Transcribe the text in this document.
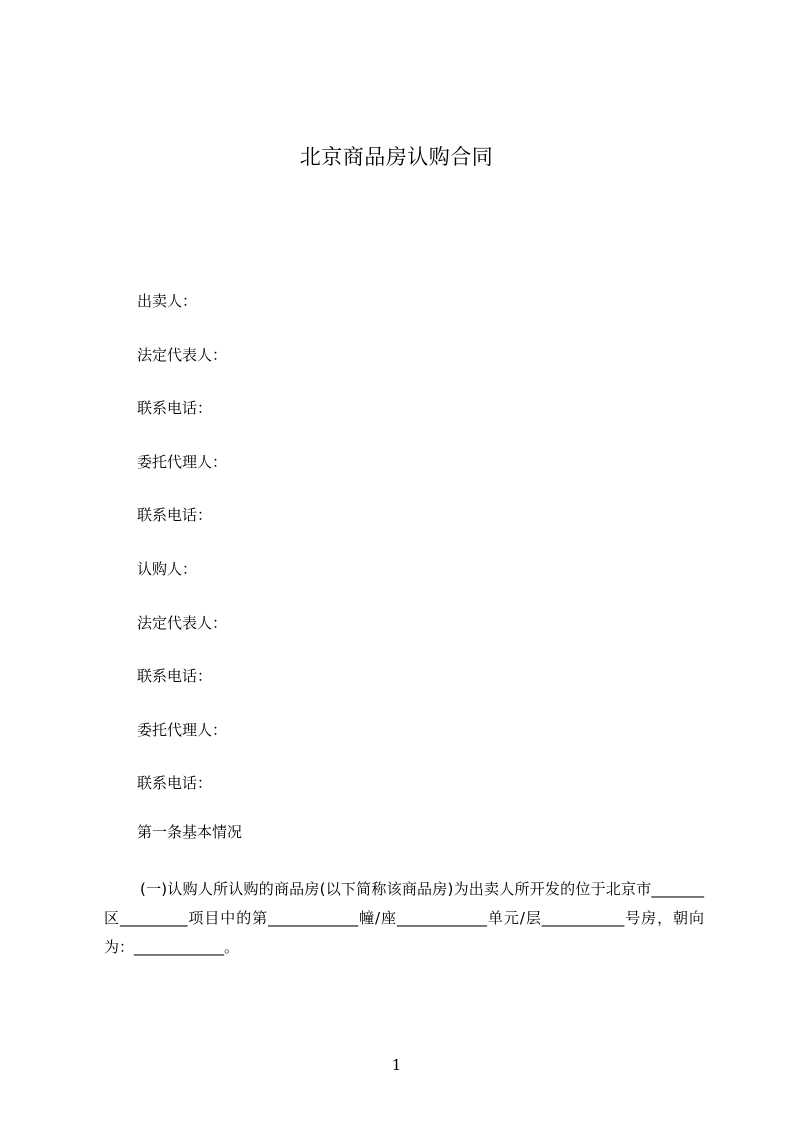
北京商品房认购合同
出卖人：
法定代表人：
联系电话：
委托代理人：
联系电话：
认购人：
法定代表人：
联系电话：
委托代理人：
联系电话：
第一条基本情况

(一)认购人所认购的商品房(以下简称该商品房)为出卖人所开发的位于北京市_______区_________项目中的第____________幢/座____________单元/层___________号房，朝向为：____________。

1
